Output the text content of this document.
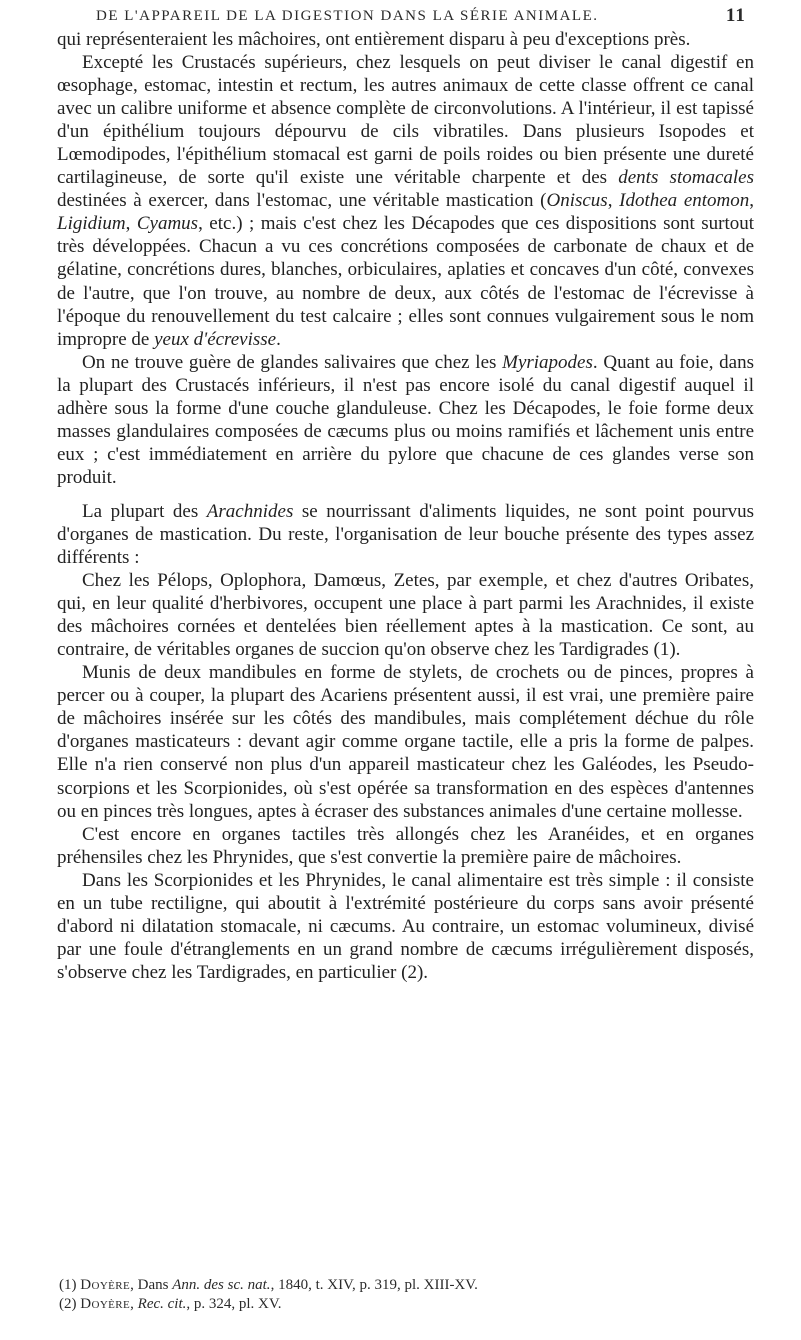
DE L'APPAREIL DE LA DIGESTION DANS LA SÉRIE ANIMALE.	11

qui représenteraient les mâchoires, ont entièrement disparu à peu d'exceptions près.

Excepté les Crustacés supérieurs, chez lesquels on peut diviser le canal digestif en œsophage, estomac, intestin et rectum, les autres animaux de cette classe offrent ce canal avec un calibre uniforme et absence complète de circonvolutions. A l'intérieur, il est tapissé d'un épithélium toujours dépourvu de cils vibratiles. Dans plusieurs Isopodes et Lœmodipodes, l'épithélium stomacal est garni de poils roides ou bien présente une dureté cartilagineuse, de sorte qu'il existe une véritable charpente et des dents stomacales destinées à exercer, dans l'estomac, une véritable mastication (Oniscus, Idothea entomon, Ligidium, Cyamus, etc.) ; mais c'est chez les Décapodes que ces dispositions sont surtout très développées. Chacun a vu ces concrétions composées de carbonate de chaux et de gélatine, concrétions dures, blanches, orbiculaires, aplaties et concaves d'un côté, convexes de l'autre, que l'on trouve, au nombre de deux, aux côtés de l'estomac de l'écrevisse à l'époque du renouvellement du test calcaire ; elles sont connues vulgairement sous le nom impropre de yeux d'écrevisse.

On ne trouve guère de glandes salivaires que chez les Myriapodes. Quant au foie, dans la plupart des Crustacés inférieurs, il n'est pas encore isolé du canal digestif auquel il adhère sous la forme d'une couche glanduleuse. Chez les Décapodes, le foie forme deux masses glandulaires composées de cæcums plus ou moins ramifiés et lâchement unis entre eux ; c'est immédiatement en arrière du pylore que chacune de ces glandes verse son produit.

La plupart des Arachnides se nourrissant d'aliments liquides, ne sont point pourvus d'organes de mastication. Du reste, l'organisation de leur bouche présente des types assez différents :

Chez les Pélops, Oplophora, Damœus, Zetes, par exemple, et chez d'autres Oribates, qui, en leur qualité d'herbivores, occupent une place à part parmi les Arachnides, il existe des mâchoires cornées et dentelées bien réellement aptes à la mastication. Ce sont, au contraire, de véritables organes de succion qu'on observe chez les Tardigrades (1).

Munis de deux mandibules en forme de stylets, de crochets ou de pinces, propres à percer ou à couper, la plupart des Acariens présentent aussi, il est vrai, une première paire de mâchoires insérée sur les côtés des mandibules, mais complétement déchue du rôle d'organes masticateurs : devant agir comme organe tactile, elle a pris la forme de palpes. Elle n'a rien conservé non plus d'un appareil masticateur chez les Galéodes, les Pseudo-scorpions et les Scorpionides, où s'est opérée sa transformation en des espèces d'antennes ou en pinces très longues, aptes à écraser des substances animales d'une certaine mollesse.

C'est encore en organes tactiles très allongés chez les Aranéides, et en organes préhensiles chez les Phrynides, que s'est convertie la première paire de mâchoires.

Dans les Scorpionides et les Phrynides, le canal alimentaire est très simple : il consiste en un tube rectiligne, qui aboutit à l'extrémité postérieure du corps sans avoir présenté d'abord ni dilatation stomacale, ni cæcums. Au contraire, un estomac volumineux, divisé par une foule d'étranglements en un grand nombre de cæcums irrégulièrement disposés, s'observe chez les Tardigrades, en particulier (2).

(1) Doyère, Dans Ann. des sc. nat., 1840, t. XIV, p. 319, pl. XIII-XV.

(2) Doyère, Rec. cit., p. 324, pl. XV.
